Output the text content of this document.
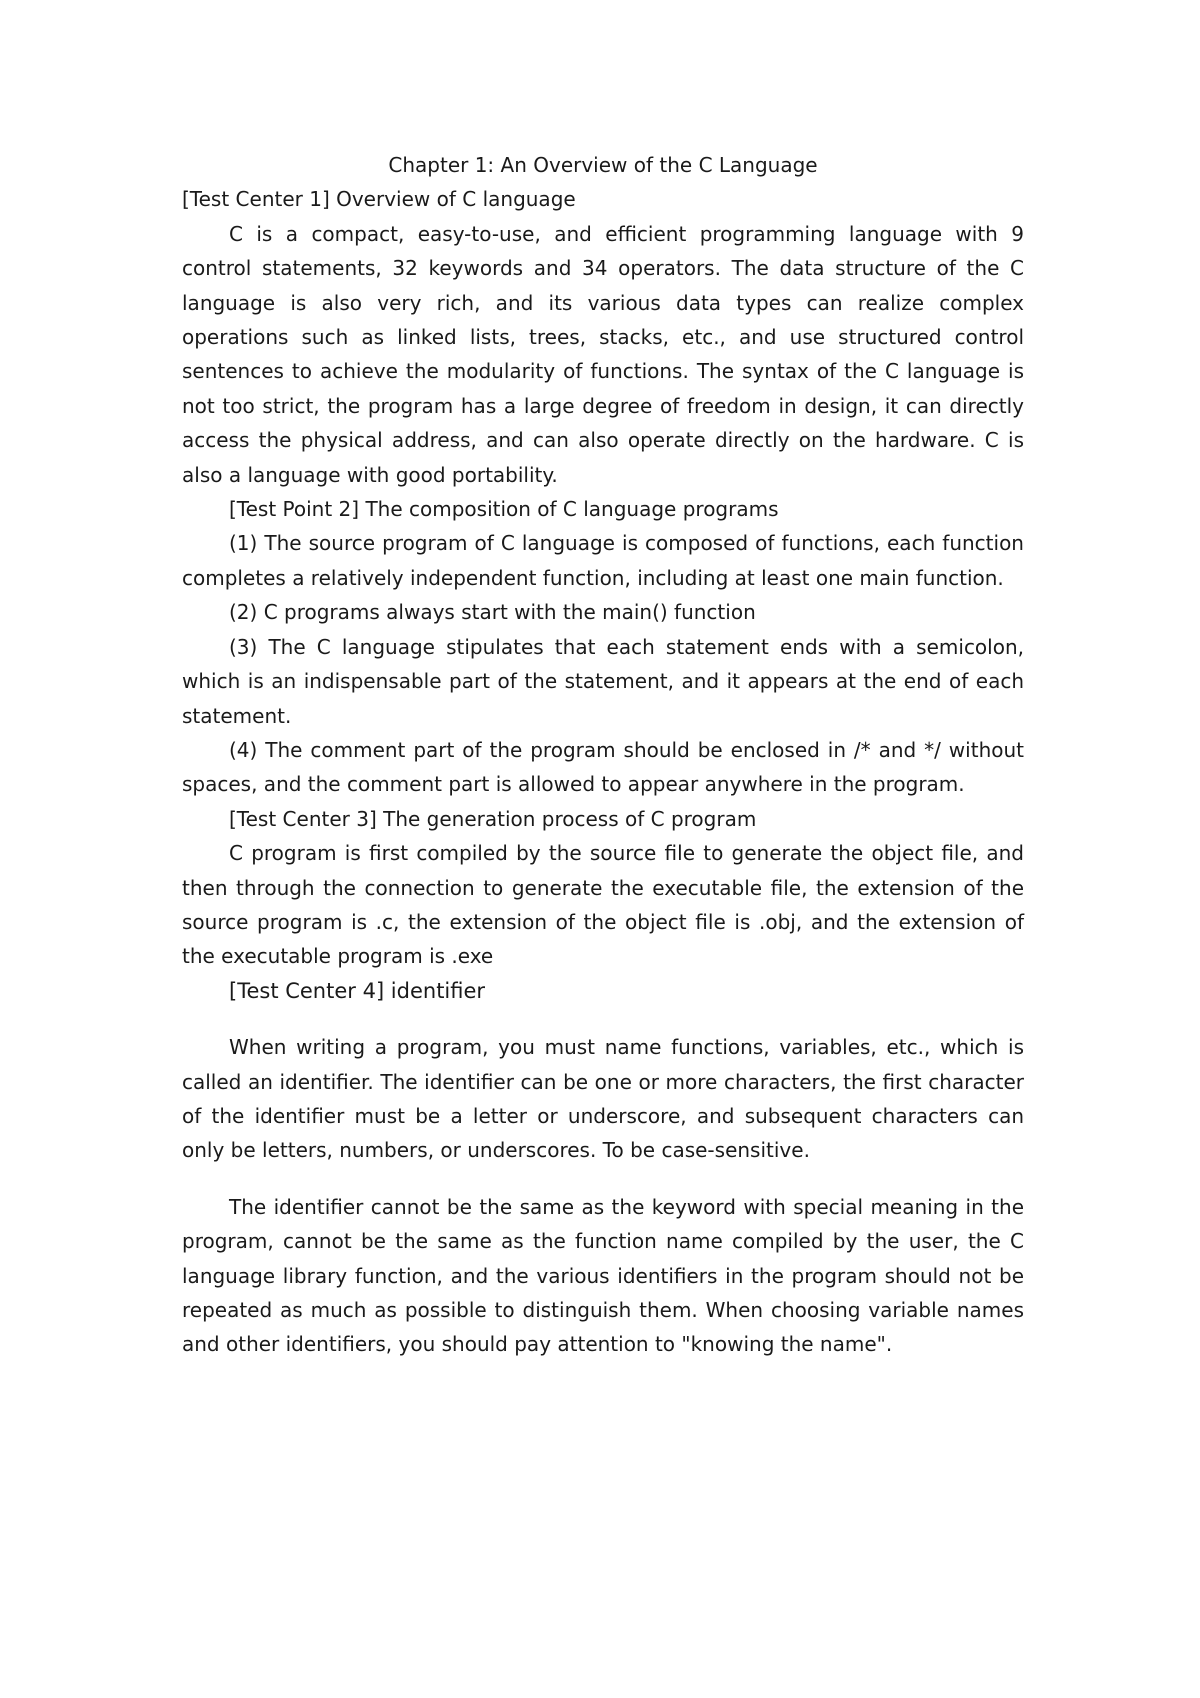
Chapter 1: An Overview of the C Language
[Test Center 1] Overview of C language
C is a compact, easy-to-use, and efficient programming language with 9 control statements, 32 keywords and 34 operators. The data structure of the C language is also very rich, and its various data types can realize complex operations such as linked lists, trees, stacks, etc., and use structured control sentences to achieve the modularity of functions. The syntax of the C language is not too strict, the program has a large degree of freedom in design, it can directly access the physical address, and can also operate directly on the hardware. C is also a language with good portability.
[Test Point 2] The composition of C language programs
(1) The source program of C language is composed of functions, each function completes a relatively independent function, including at least one main function.
(2) C programs always start with the main() function
(3) The C language stipulates that each statement ends with a semicolon, which is an indispensable part of the statement, and it appears at the end of each statement.
(4) The comment part of the program should be enclosed in /* and */ without spaces, and the comment part is allowed to appear anywhere in the program.
[Test Center 3] The generation process of C program
C program is first compiled by the source file to generate the object file, and then through the connection to generate the executable file, the extension of the source program is .c, the extension of the object file is .obj, and the extension of the executable program is .exe
[Test Center 4] identifier
When writing a program, you must name functions, variables, etc., which is called an identifier. The identifier can be one or more characters, the first character of the identifier must be a letter or underscore, and subsequent characters can only be letters, numbers, or underscores. To be case-sensitive.
The identifier cannot be the same as the keyword with special meaning in the program, cannot be the same as the function name compiled by the user, the C language library function, and the various identifiers in the program should not be repeated as much as possible to distinguish them. When choosing variable names and other identifiers, you should pay attention to "knowing the name".
